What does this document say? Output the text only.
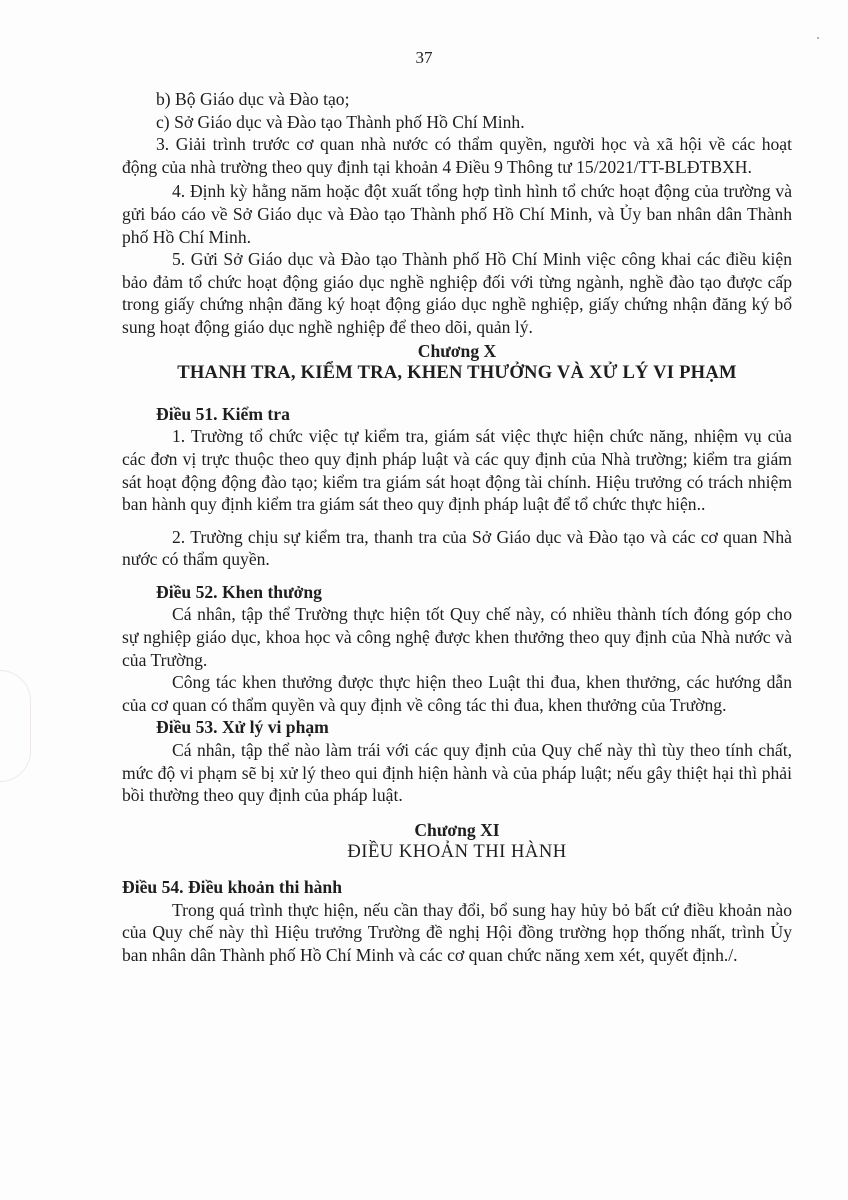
37

b) Bộ Giáo dục và Đào tạo;

c) Sở Giáo dục và Đào tạo Thành phố Hồ Chí Minh.

3. Giải trình trước cơ quan nhà nước có thẩm quyền, người học và xã hội về các hoạt động của nhà trường theo quy định tại khoản 4 Điều 9 Thông tư 15/2021/TT-BLĐTBXH.

4. Định kỳ hằng năm hoặc đột xuất tổng hợp tình hình tổ chức hoạt động của trường và gửi báo cáo về Sở Giáo dục và Đào tạo Thành phố Hồ Chí Minh, và Ủy ban nhân dân Thành phố Hồ Chí Minh.

5. Gửi Sở Giáo dục và Đào tạo Thành phố Hồ Chí Minh việc công khai các điều kiện bảo đảm tổ chức hoạt động giáo dục nghề nghiệp đối với từng ngành, nghề đào tạo được cấp trong giấy chứng nhận đăng ký hoạt động giáo dục nghề nghiệp, giấy chứng nhận đăng ký bổ sung hoạt động giáo dục nghề nghiệp để theo dõi, quản lý.

Chương X

THANH TRA, KIỂM TRA, KHEN THƯỞNG VÀ XỬ LÝ VI PHẠM

Điều 51. Kiểm tra

1. Trường tổ chức việc tự kiểm tra, giám sát việc thực hiện chức năng, nhiệm vụ của các đơn vị trực thuộc theo quy định pháp luật và các quy định của Nhà trường; kiểm tra giám sát hoạt động động đào tạo; kiểm tra giám sát hoạt động tài chính. Hiệu trưởng có trách nhiệm ban hành quy định kiểm tra giám sát theo quy định pháp luật để tổ chức thực hiện..

2. Trường chịu sự kiểm tra, thanh tra của Sở Giáo dục và Đào tạo và các cơ quan Nhà nước có thẩm quyền.

Điều 52. Khen thưởng

Cá nhân, tập thể Trường thực hiện tốt Quy chế này, có nhiều thành tích đóng góp cho sự nghiệp giáo dục, khoa học và công nghệ được khen thưởng theo quy định của Nhà nước và của Trường.

Công tác khen thưởng được thực hiện theo Luật thi đua, khen thưởng, các hướng dẫn của cơ quan có thẩm quyền và quy định về công tác thi đua, khen thưởng của Trường.

Điều 53. Xử lý vi phạm

Cá nhân, tập thể nào làm trái với các quy định của Quy chế này thì tùy theo tính chất, mức độ vi phạm sẽ bị xử lý theo qui định hiện hành và của pháp luật; nếu gây thiệt hại thì phải bồi thường theo quy định của pháp luật.

Chương XI

ĐIỀU KHOẢN THI HÀNH

Điều 54. Điều khoản thi hành

Trong quá trình thực hiện, nếu cần thay đổi, bổ sung hay hủy bỏ bất cứ điều khoản nào của Quy chế này thì Hiệu trưởng Trường đề nghị Hội đồng trường họp thống nhất, trình Ủy ban nhân dân Thành phố Hồ Chí Minh và các cơ quan chức năng xem xét, quyết định./.
